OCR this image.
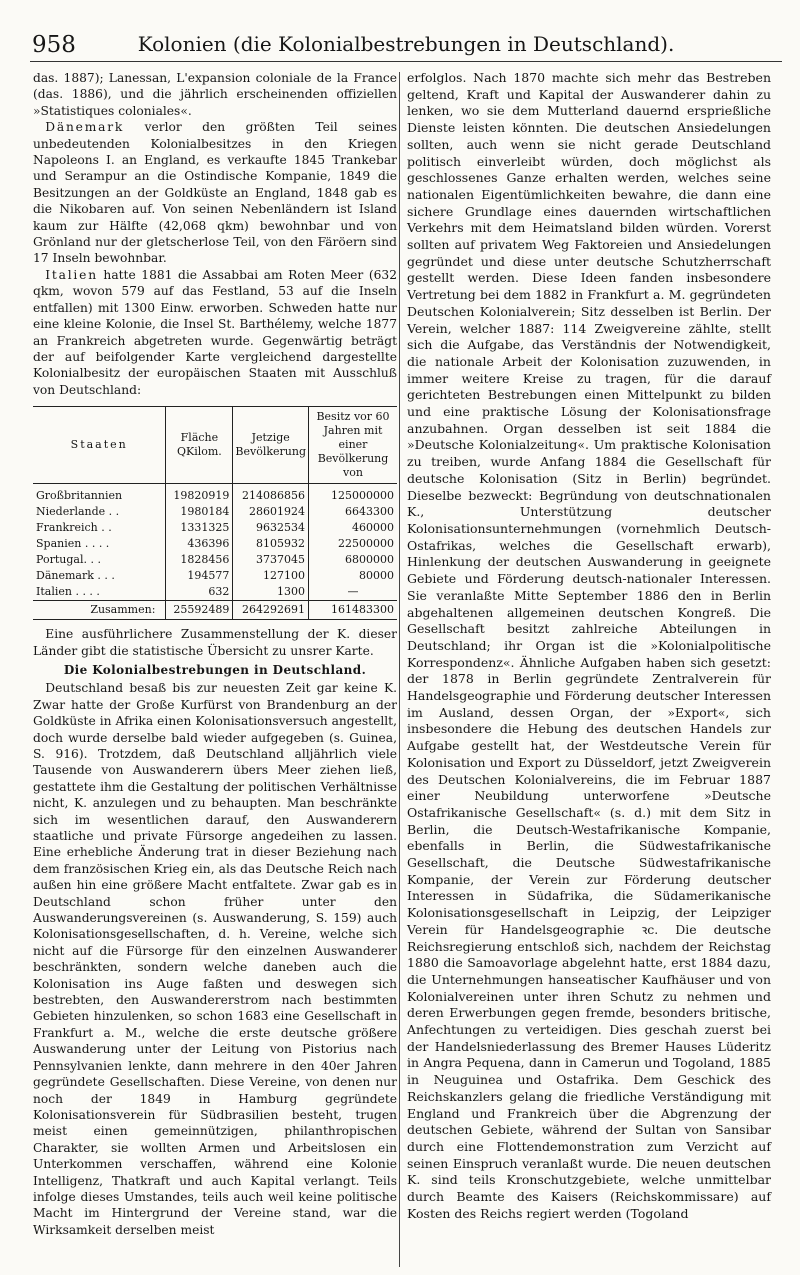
958	Kolonien (die Kolonialbestrebungen in Deutschland).

das. 1887); Lanessan, L'expansion coloniale de la France (das. 1886), und die jährlich erscheinenden offiziellen »Statistiques coloniales«.

 Dänemark verlor den größten Teil seines unbedeutenden Kolonialbesitzes in den Kriegen Napoleons I. an England, es verkaufte 1845 Trankebar und Serampur an die Ostindische Kompanie, 1849 die Besitzungen an der Goldküste an England, 1848 gab es die Nikobaren auf. Von seinen Nebenländern ist Island kaum zur Hälfte (42,068 qkm) bewohnbar und von Grönland nur der gletscherlose Teil, von den Färöern sind 17 Inseln bewohnbar.

 Italien hatte 1881 die Assabbai am Roten Meer (632 qkm, wovon 579 auf das Festland, 53 auf die Inseln entfallen) mit 1300 Einw. erworben. Schweden hatte nur eine kleine Kolonie, die Insel St. Barthélemy, welche 1877 an Frankreich abgetreten wurde. Gegenwärtig beträgt der auf beifolgender Karte vergleichend dargestellte Kolonialbesitz der europäischen Staaten mit Ausschluß von Deutschland:

Staaten	Fläche QKilom.	Jetzige Bevölkerung	Besitz vor 60 Jahren mit einer Bevölkerung von
Großbritannien	19820919	214086856	125000000
Niederlande . .	1980184	28601924	6643300
Frankreich . .	1331325	9632534	460000
Spanien . . . .	436396	8105932	22500000
Portugal. . .	1828456	3737045	6800000
Dänemark . . .	194577	127100	80000
Italien . . . .	632	1300	—
Zusammen:	25592489	264292691	161483300

 Eine ausführlichere Zusammenstellung der K. dieser Länder gibt die statistische Übersicht zu unsrer Karte.

Die Kolonialbestrebungen in Deutschland.

 Deutschland besaß bis zur neuesten Zeit gar keine K. Zwar hatte der Große Kurfürst von Brandenburg an der Goldküste in Afrika einen Kolonisationsversuch angestellt, doch wurde derselbe bald wieder aufgegeben (s. Guinea, S. 916). Trotzdem, daß Deutschland alljährlich viele Tausende von Auswanderern übers Meer ziehen ließ, gestattete ihm die Gestaltung der politischen Verhältnisse nicht, K. anzulegen und zu behaupten. Man beschränkte sich im wesentlichen darauf, den Auswanderern staatliche und private Fürsorge angedeihen zu lassen. Eine erhebliche Änderung trat in dieser Beziehung nach dem französischen Krieg ein, als das Deutsche Reich nach außen hin eine größere Macht entfaltete. Zwar gab es in Deutschland schon früher unter den Auswanderungsvereinen (s. Auswanderung, S. 159) auch Kolonisationsgesellschaften, d. h. Vereine, welche sich nicht auf die Fürsorge für den einzelnen Auswanderer beschränkten, sondern welche daneben auch die Kolonisation ins Auge faßten und deswegen sich bestrebten, den Auswandererstrom nach bestimmten Gebieten hinzulenken, so schon 1683 eine Gesellschaft in Frankfurt a. M., welche die erste deutsche größere Auswanderung unter der Leitung von Pistorius nach Pennsylvanien lenkte, dann mehrere in den 40er Jahren gegründete Gesellschaften. Diese Vereine, von denen nur noch der 1849 in Hamburg gegründete Kolonisationsverein für Südbrasilien besteht, trugen meist einen gemeinnützigen, philanthropischen Charakter, sie wollten Armen und Arbeitslosen ein Unterkommen verschaffen, während eine Kolonie Intelligenz, Thatkraft und auch Kapital verlangt. Teils infolge dieses Umstandes, teils auch weil keine politische Macht im Hintergrund der Vereine stand, war die Wirksamkeit derselben meist

erfolglos. Nach 1870 machte sich mehr das Bestreben geltend, Kraft und Kapital der Auswanderer dahin zu lenken, wo sie dem Mutterland dauernd ersprießliche Dienste leisten könnten. Die deutschen Ansiedelungen sollten, auch wenn sie nicht gerade Deutschland politisch einverleibt würden, doch möglichst als geschlossenes Ganze erhalten werden, welches seine nationalen Eigentümlichkeiten bewahre, die dann eine sichere Grundlage eines dauernden wirtschaftlichen Verkehrs mit dem Heimatsland bilden würden. Vorerst sollten auf privatem Weg Faktoreien und Ansiedelungen gegründet und diese unter deutsche Schutzherrschaft gestellt werden. Diese Ideen fanden insbesondere Vertretung bei dem 1882 in Frankfurt a. M. gegründeten Deutschen Kolonialverein; Sitz desselben ist Berlin. Der Verein, welcher 1887: 114 Zweigvereine zählte, stellt sich die Aufgabe, das Verständnis der Notwendigkeit, die nationale Arbeit der Kolonisation zuzuwenden, in immer weitere Kreise zu tragen, für die darauf gerichteten Bestrebungen einen Mittelpunkt zu bilden und eine praktische Lösung der Kolonisationsfrage anzubahnen. Organ desselben ist seit 1884 die »Deutsche Kolonialzeitung«. Um praktische Kolonisation zu treiben, wurde Anfang 1884 die Gesellschaft für deutsche Kolonisation (Sitz in Berlin) begründet. Dieselbe bezweckt: Begründung von deutschnationalen K., Unterstützung deutscher Kolonisationsunternehmungen (vornehmlich Deutsch-Ostafrikas, welches die Gesellschaft erwarb), Hinlenkung der deutschen Auswanderung in geeignete Gebiete und Förderung deutsch-nationaler Interessen. Sie veranlaßte Mitte September 1886 den in Berlin abgehaltenen allgemeinen deutschen Kongreß. Die Gesellschaft besitzt zahlreiche Abteilungen in Deutschland; ihr Organ ist die »Kolonialpolitische Korrespondenz«. Ähnliche Aufgaben haben sich gesetzt: der 1878 in Berlin gegründete Zentralverein für Handelsgeographie und Förderung deutscher Interessen im Ausland, dessen Organ, der »Export«, sich insbesondere die Hebung des deutschen Handels zur Aufgabe gestellt hat, der Westdeutsche Verein für Kolonisation und Export zu Düsseldorf, jetzt Zweigverein des Deutschen Kolonialvereins, die im Februar 1887 einer Neubildung unterworfene »Deutsche Ostafrikanische Gesellschaft« (s. d.) mit dem Sitz in Berlin, die Deutsch-Westafrikanische Kompanie, ebenfalls in Berlin, die Südwestafrikanische Gesellschaft, die Deutsche Südwestafrikanische Kompanie, der Verein zur Förderung deutscher Interessen in Südafrika, die Südamerikanische Kolonisationsgesellschaft in Leipzig, der Leipziger Verein für Handelsgeographie ꝛc. Die deutsche Reichsregierung entschloß sich, nachdem der Reichstag 1880 die Samoavorlage abgelehnt hatte, erst 1884 dazu, die Unternehmungen hanseatischer Kaufhäuser und von Kolonialvereinen unter ihren Schutz zu nehmen und deren Erwerbungen gegen fremde, besonders britische, Anfechtungen zu verteidigen. Dies geschah zuerst bei der Handelsniederlassung des Bremer Hauses Lüderitz in Angra Pequena, dann in Camerun und Togoland, 1885 in Neuguinea und Ostafrika. Dem Geschick des Reichskanzlers gelang die friedliche Verständigung mit England und Frankreich über die Abgrenzung der deutschen Gebiete, während der Sultan von Sansibar durch eine Flottendemonstration zum Verzicht auf seinen Einspruch veranlaßt wurde. Die neuen deutschen K. sind teils Kronschutzgebiete, welche unmittelbar durch Beamte des Kaisers (Reichskommissare) auf Kosten des Reichs regiert werden (Togoland
